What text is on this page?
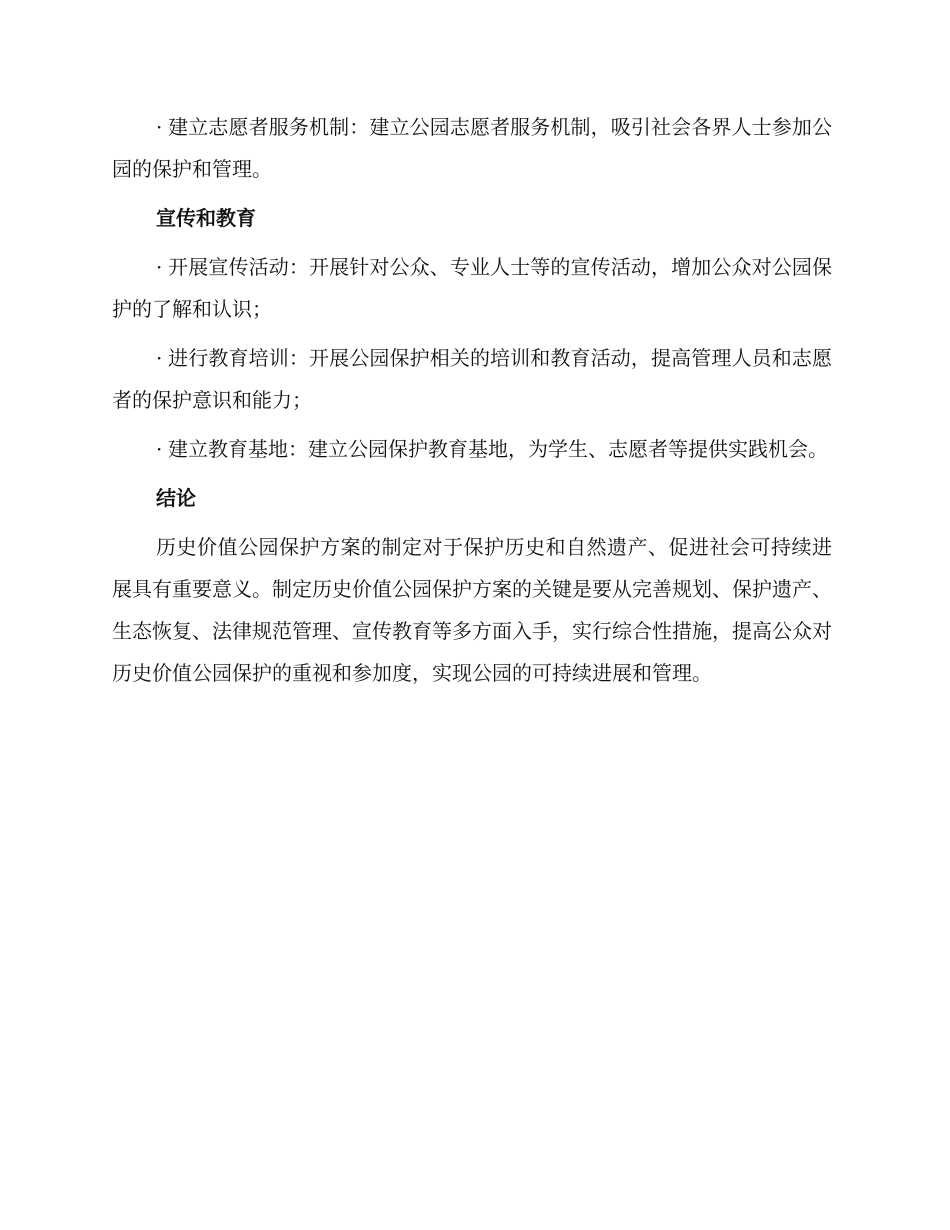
· 建立志愿者服务机制：建立公园志愿者服务机制，吸引社会各界人士参加公园的保护和管理。

宣传和教育

· 开展宣传活动：开展针对公众、专业人士等的宣传活动，增加公众对公园保护的了解和认识；

· 进行教育培训：开展公园保护相关的培训和教育活动，提高管理人员和志愿者的保护意识和能力；

· 建立教育基地：建立公园保护教育基地，为学生、志愿者等提供实践机会。

结论

历史价值公园保护方案的制定对于保护历史和自然遗产、促进社会可持续进展具有重要意义。制定历史价值公园保护方案的关键是要从完善规划、保护遗产、生态恢复、法律规范管理、宣传教育等多方面入手，实行综合性措施，提高公众对历史价值公园保护的重视和参加度，实现公园的可持续进展和管理。
